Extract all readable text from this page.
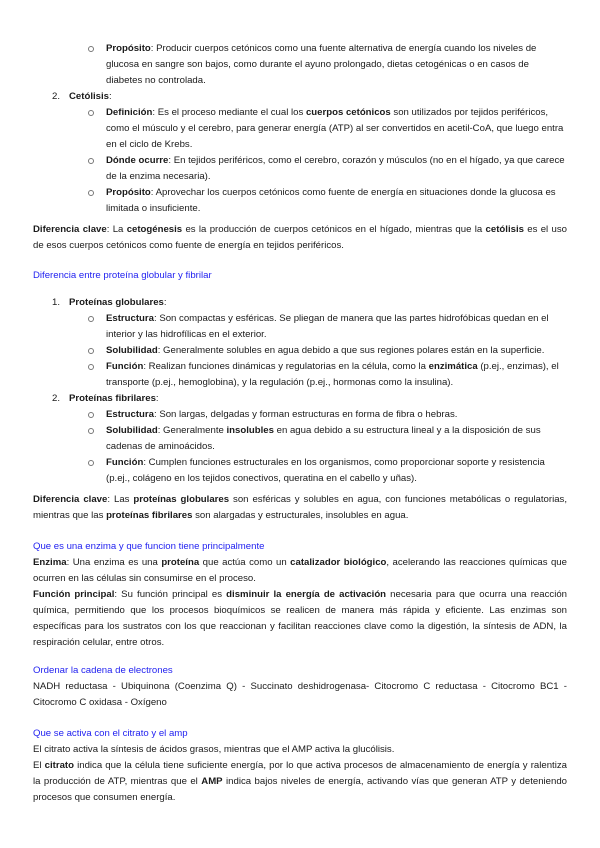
Propósito: Producir cuerpos cetónicos como una fuente alternativa de energía cuando los niveles de glucosa en sangre son bajos, como durante el ayuno prolongado, dietas cetogénicas o en casos de diabetes no controlada.
2. Cetólisis:
Definición: Es el proceso mediante el cual los cuerpos cetónicos son utilizados por tejidos periféricos, como el músculo y el cerebro, para generar energía (ATP) al ser convertidos en acetil-CoA, que luego entra en el ciclo de Krebs.
Dónde ocurre: En tejidos periféricos, como el cerebro, corazón y músculos (no en el hígado, ya que carece de la enzima necesaria).
Propósito: Aprovechar los cuerpos cetónicos como fuente de energía en situaciones donde la glucosa es limitada o insuficiente.

Diferencia clave: La cetogénesis es la producción de cuerpos cetónicos en el hígado, mientras que la cetólisis es el uso de esos cuerpos cetónicos como fuente de energía en tejidos periféricos.

Diferencia entre proteína globular y fibrilar

1. Proteínas globulares:
Estructura: Son compactas y esféricas. Se pliegan de manera que las partes hidrofóbicas quedan en el interior y las hidrofílicas en el exterior.
Solubilidad: Generalmente solubles en agua debido a que sus regiones polares están en la superficie.
Función: Realizan funciones dinámicas y regulatorias en la célula, como la enzimática (p.ej., enzimas), el transporte (p.ej., hemoglobina), y la regulación (p.ej., hormonas como la insulina).
2. Proteínas fibrilares:
Estructura: Son largas, delgadas y forman estructuras en forma de fibra o hebras.
Solubilidad: Generalmente insolubles en agua debido a su estructura lineal y a la disposición de sus cadenas de aminoácidos.
Función: Cumplen funciones estructurales en los organismos, como proporcionar soporte y resistencia (p.ej., colágeno en los tejidos conectivos, queratina en el cabello y uñas).

Diferencia clave: Las proteínas globulares son esféricas y solubles en agua, con funciones metabólicas o regulatorias, mientras que las proteínas fibrilares son alargadas y estructurales, insolubles en agua.

Que es una enzima y que funcion tiene principalmente

Enzima: Una enzima es una proteína que actúa como un catalizador biológico, acelerando las reacciones químicas que ocurren en las células sin consumirse en el proceso.

Función principal: Su función principal es disminuir la energía de activación necesaria para que ocurra una reacción química, permitiendo que los procesos bioquímicos se realicen de manera más rápida y eficiente. Las enzimas son específicas para los sustratos con los que reaccionan y facilitan reacciones clave como la digestión, la síntesis de ADN, la respiración celular, entre otros.

Ordenar la cadena de electrones

NADH reductasa - Ubiquinona (Coenzima Q) - Succinato deshidrogenasa- Citocromo C reductasa - Citocromo BC1 - Citocromo C oxidasa - Oxígeno

Que se activa con el citrato y el amp

El citrato activa la síntesis de ácidos grasos, mientras que el AMP activa la glucólisis.

El citrato indica que la célula tiene suficiente energía, por lo que activa procesos de almacenamiento de energía y ralentiza la producción de ATP, mientras que el AMP indica bajos niveles de energía, activando vías que generan ATP y deteniendo procesos que consumen energía.
